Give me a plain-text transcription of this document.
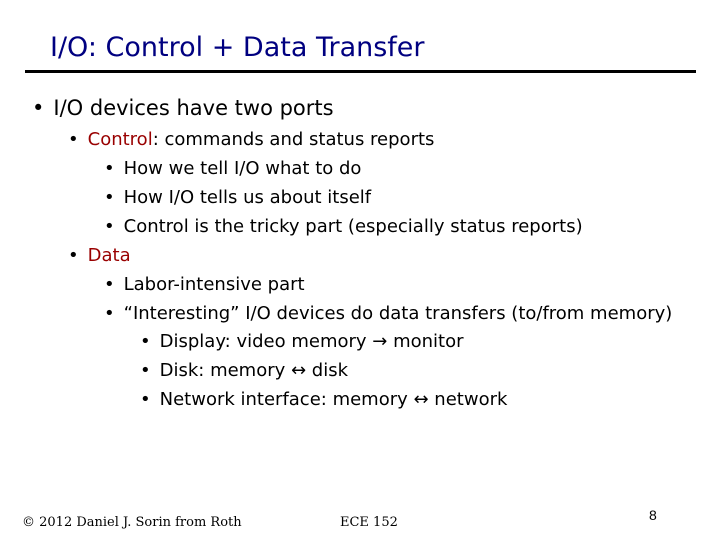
I/O: Control + Data Transfer
• I/O devices have two ports
• Control: commands and status reports
• How we tell I/O what to do
• How I/O tells us about itself
• Control is the tricky part (especially status reports)
• Data
• Labor-intensive part
• “Interesting” I/O devices do data transfers (to/from memory)
• Display: video memory → monitor
• Disk: memory ↔ disk
• Network interface: memory ↔ network
© 2012 Daniel J. Sorin from Roth	ECE 152	8
